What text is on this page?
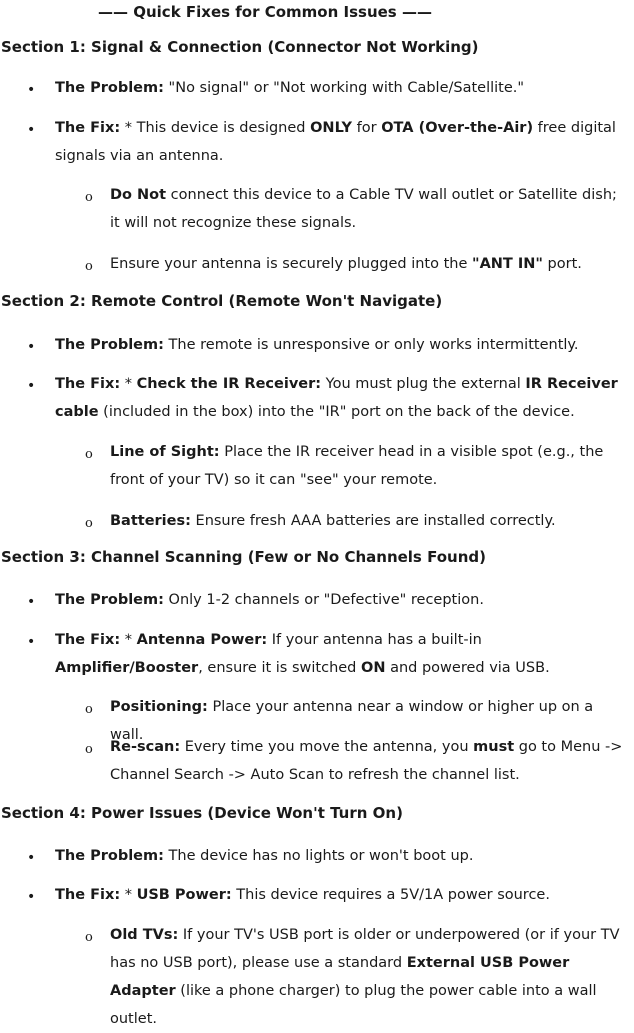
—— Quick Fixes for Common Issues ——
Section 1: Signal & Connection (Connector Not Working)
• The Problem: "No signal" or "Not working with Cable/Satellite."
• The Fix: * This device is designed ONLY for OTA (Over-the-Air) free digital signals via an antenna.
o Do Not connect this device to a Cable TV wall outlet or Satellite dish; it will not recognize these signals.
o Ensure your antenna is securely plugged into the "ANT IN" port.
Section 2: Remote Control (Remote Won't Navigate)
• The Problem: The remote is unresponsive or only works intermittently.
• The Fix: * Check the IR Receiver: You must plug the external IR Receiver cable (included in the box) into the "IR" port on the back of the device.
o Line of Sight: Place the IR receiver head in a visible spot (e.g., the front of your TV) so it can "see" your remote.
o Batteries: Ensure fresh AAA batteries are installed correctly.
Section 3: Channel Scanning (Few or No Channels Found)
• The Problem: Only 1-2 channels or "Defective" reception.
• The Fix: * Antenna Power: If your antenna has a built-in Amplifier/Booster, ensure it is switched ON and powered via USB.
o Positioning: Place your antenna near a window or higher up on a wall.
o Re-scan: Every time you move the antenna, you must go to Menu -> Channel Search -> Auto Scan to refresh the channel list.
Section 4: Power Issues (Device Won't Turn On)
• The Problem: The device has no lights or won't boot up.
• The Fix: * USB Power: This device requires a 5V/1A power source.
o Old TVs: If your TV's USB port is older or underpowered (or if your TV has no USB port), please use a standard External USB Power Adapter (like a phone charger) to plug the power cable into a wall outlet.
